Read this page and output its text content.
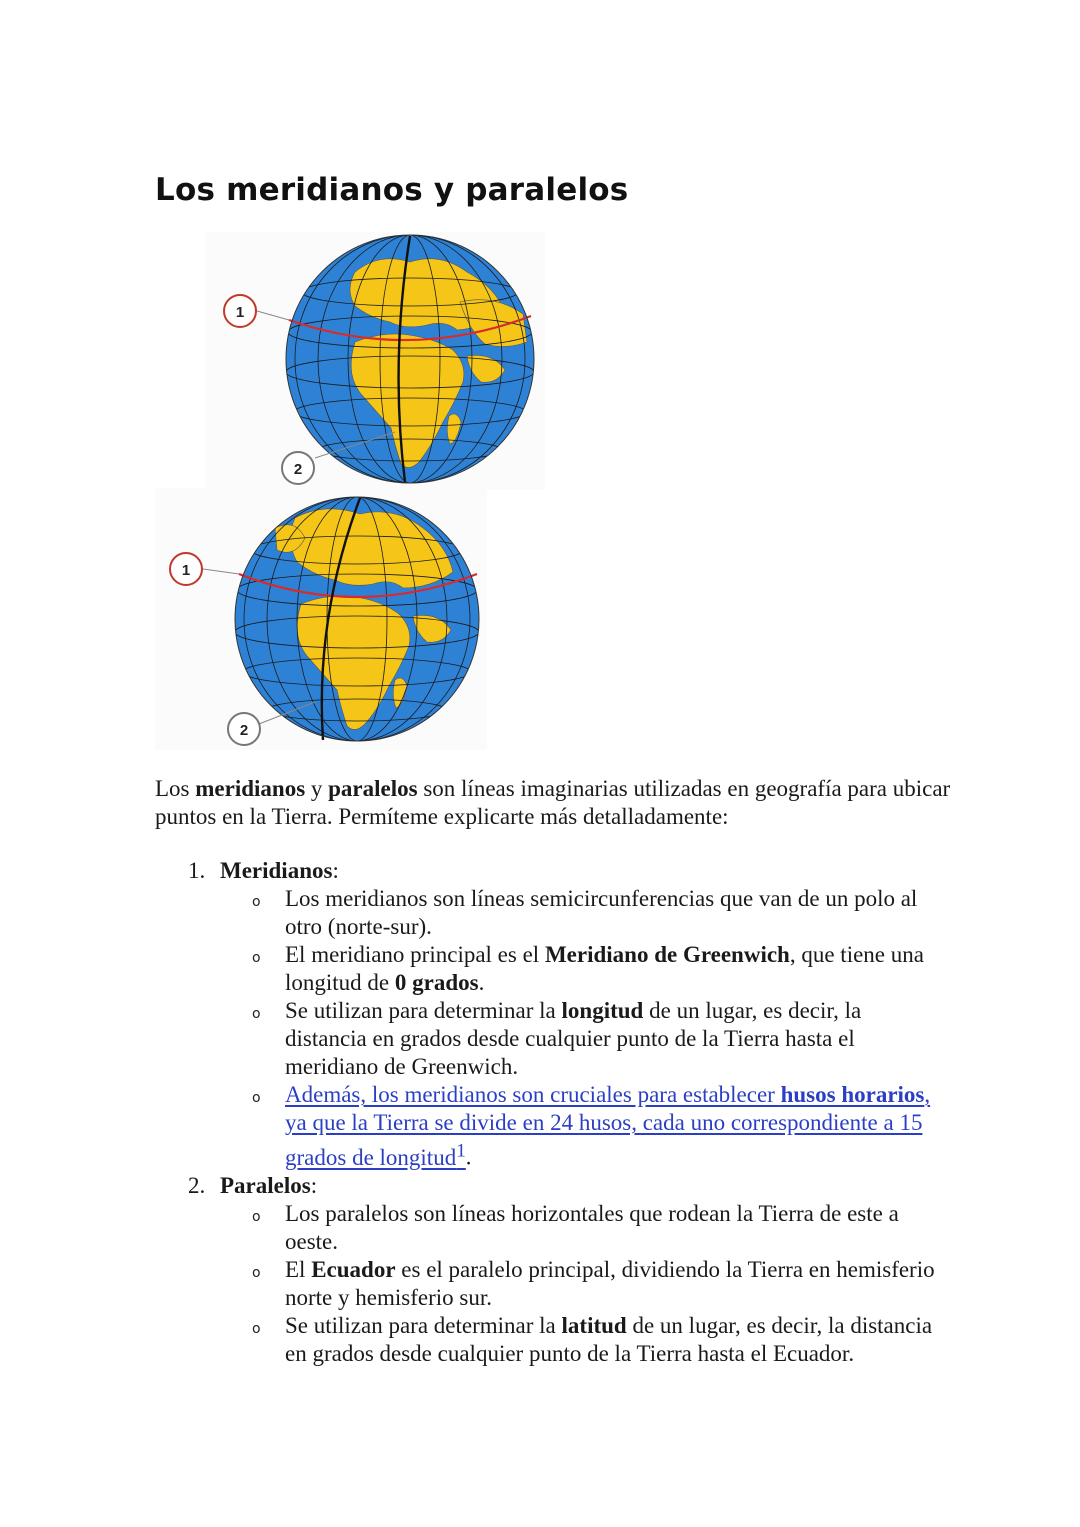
Los meridianos y paralelos
1
2
1
2

Los meridianos y paralelos son líneas imaginarias utilizadas en geografía para ubicar puntos en la Tierra. Permíteme explicarte más detalladamente:

1. Meridianos:
o Los meridianos son líneas semicircunferencias que van de un polo al otro (norte-sur).
o El meridiano principal es el Meridiano de Greenwich, que tiene una longitud de 0 grados.
o Se utilizan para determinar la longitud de un lugar, es decir, la distancia en grados desde cualquier punto de la Tierra hasta el meridiano de Greenwich.
o Además, los meridianos son cruciales para establecer husos horarios, ya que la Tierra se divide en 24 husos, cada uno correspondiente a 15 grados de longitud$^1$.
2. Paralelos:
o Los paralelos son líneas horizontales que rodean la Tierra de este a oeste.
o El Ecuador es el paralelo principal, dividiendo la Tierra en hemisferio norte y hemisferio sur.
o Se utilizan para determinar la latitud de un lugar, es decir, la distancia en grados desde cualquier punto de la Tierra hasta el Ecuador.
